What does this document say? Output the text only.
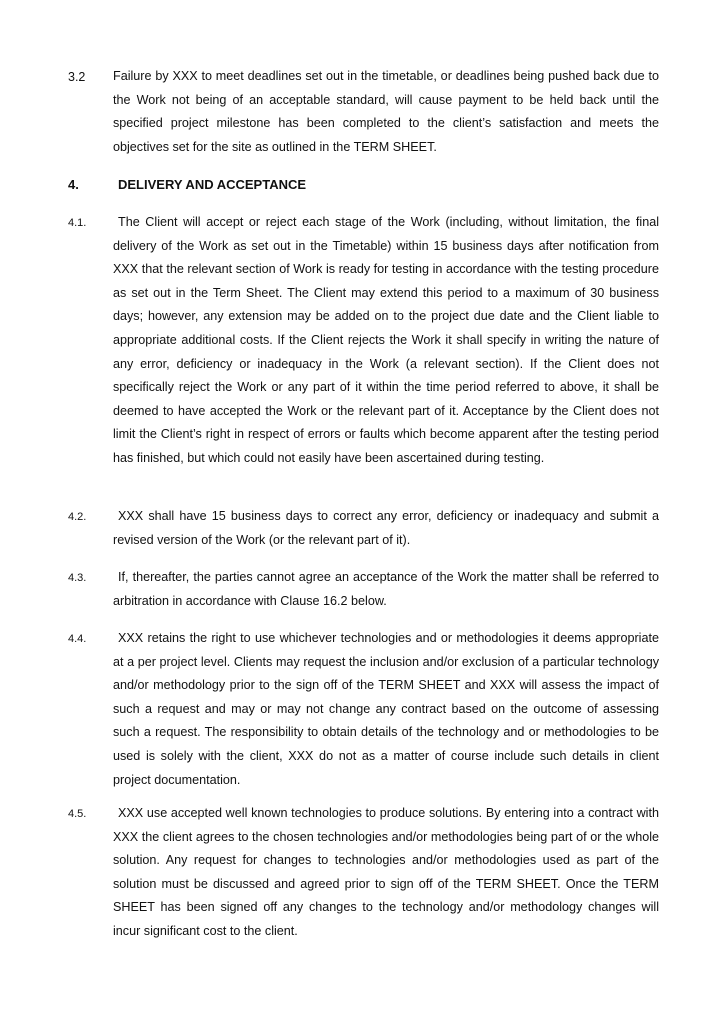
3.2 Failure by XXX to meet deadlines set out in the timetable, or deadlines being pushed back due to the Work not being of an acceptable standard, will cause payment to be held back until the specified project milestone has been completed to the client’s satisfaction and meets the objectives set for the site as outlined in the TERM SHEET.

4.	DELIVERY AND ACCEPTANCE
4.1.	The Client will accept or reject each stage of the Work (including, without limitation, the final delivery of the Work as set out in the Timetable) within 15 business days after notification from XXX that the relevant section of Work is ready for testing in accordance with the testing procedure as set out in the Term Sheet. The Client may extend this period to a maximum of 30 business days; however, any extension may be added on to the project due date and the Client liable to appropriate additional costs. If the Client rejects the Work it shall specify in writing the nature of any error, deficiency or inadequacy in the Work (a relevant section). If the Client does not specifically reject the Work or any part of it within the time period referred to above, it shall be deemed to have accepted the Work or the relevant part of it. Acceptance by the Client does not limit the Client’s right in respect of errors or faults which become apparent after the testing period has finished, but which could not easily have been ascertained during testing.

4.2.	XXX shall have 15 business days to correct any error, deficiency or inadequacy and submit a revised version of the Work (or the relevant part of it).

4.3.	If, thereafter, the parties cannot agree an acceptance of the Work the matter shall be referred to arbitration in accordance with Clause 16.2 below.

4.4.	XXX retains the right to use whichever technologies and or methodologies it deems appropriate at a per project level. Clients may request the inclusion and/or exclusion of a particular technology and/or methodology prior to the sign off of the TERM SHEET and XXX will assess the impact of such a request and may or may not change any contract based on the outcome of assessing such a request. The responsibility to obtain details of the technology and or methodologies to be used is solely with the client, XXX do not as a matter of course include such details in client project documentation.

4.5.	XXX use accepted well known technologies to produce solutions. By entering into a contract with XXX the client agrees to the chosen technologies and/or methodologies being part of or the whole solution. Any request for changes to technologies and/or methodologies used as part of the solution must be discussed and agreed prior to sign off of the TERM SHEET. Once the TERM SHEET has been signed off any changes to the technology and/or methodology changes will incur significant cost to the client.
